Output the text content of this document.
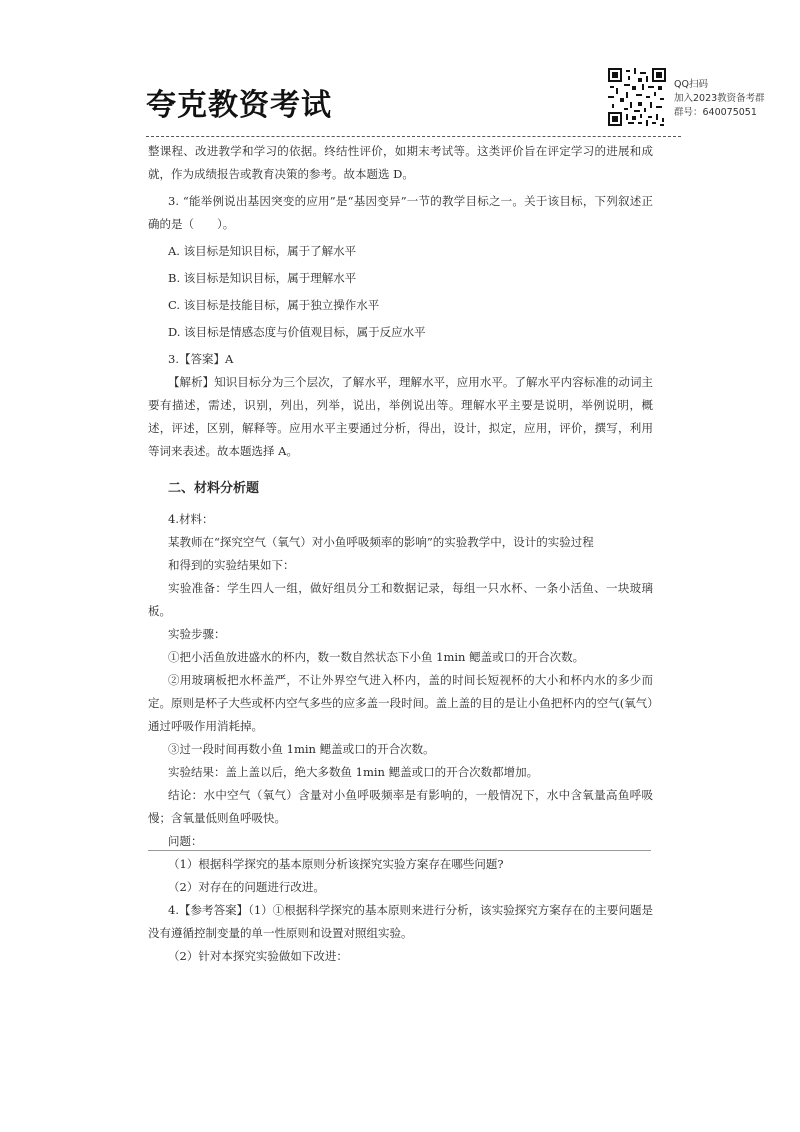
夸克教资考试
QQ扫码
加入2023教资备考群
群号：640075051

整课程、改进教学和学习的依据。终结性评价，如期末考试等。这类评价旨在评定学习的进展和成就，作为成绩报告或教育决策的参考。故本题选 D。

3. “能举例说出基因突变的应用”是“基因变异”一节的教学目标之一。关于该目标，下列叙述正确的是（　　）。

A. 该目标是知识目标，属于了解水平

B. 该目标是知识目标，属于理解水平

C. 该目标是技能目标，属于独立操作水平

D. 该目标是情感态度与价值观目标，属于反应水平

3.【答案】A

【解析】知识目标分为三个层次，了解水平，理解水平，应用水平。了解水平内容标准的动词主要有描述，需述，识别，列出，列举，说出，举例说出等。理解水平主要是说明，举例说明，概述，评述，区别，解释等。应用水平主要通过分析，得出，设计，拟定，应用，评价，撰写，利用等词来表述。故本题选择 A。

二、材料分析题

4.材料：

某教师在“探究空气（氧气）对小鱼呼吸频率的影响”的实验教学中，设计的实验过程

和得到的实验结果如下：

实验准备：学生四人一组，做好组员分工和数据记录，每组一只水杯、一条小活鱼、一块玻璃板。

实验步骤：

①把小活鱼放进盛水的杯内，数一数自然状态下小鱼 1min 鳃盖或口的开合次数。

②用玻璃板把水杯盖严，不让外界空气进入杯内，盖的时间长短视杯的大小和杯内水的多少而定。原则是杯子大些或杯内空气多些的应多盖一段时间。盖上盖的目的是让小鱼把杯内的空气(氧气）通过呼吸作用消耗掉。

③过一段时间再数小鱼 1min 鳃盖或口的开合次数。

实验结果：盖上盖以后，绝大多数鱼 1min 鳃盖或口的开合次数都增加。

结论：水中空气（氧气）含量对小鱼呼吸频率是有影响的，一般情况下，水中含氧量高鱼呼吸慢；含氧量低则鱼呼吸快。

问题：

（1）根据科学探究的基本原则分析该探究实验方案存在哪些问题?

（2）对存在的问题进行改进。

4.【参考答案】（1）①根据科学探究的基本原则来进行分析，该实验探究方案存在的主要问题是没有遵循控制变量的单一性原则和设置对照组实验。

（2）针对本探究实验做如下改进：
